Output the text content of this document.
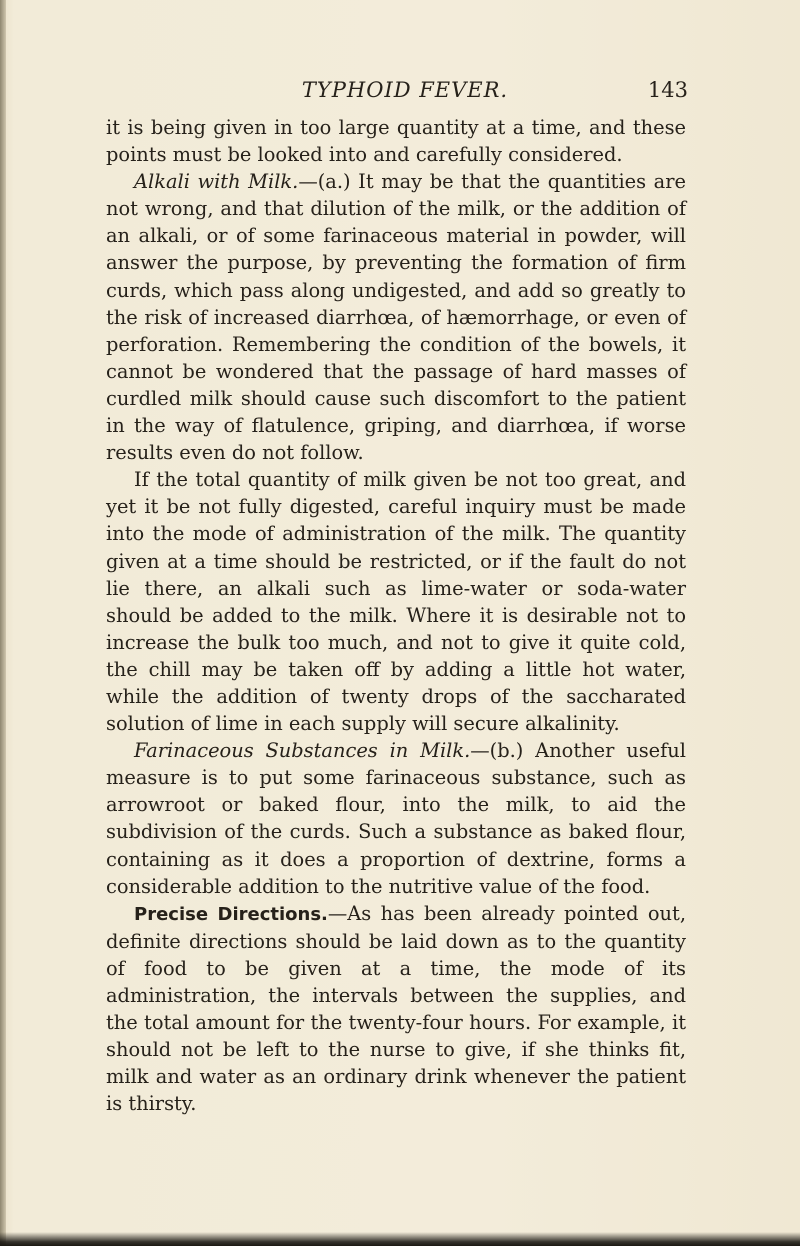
TYPHOID FEVER.	143

it is being given in too large quantity at a time, and these points must be looked into and carefully considered.

Alkali with Milk.—(a.) It may be that the quantities are not wrong, and that dilution of the milk, or the addition of an alkali, or of some farinaceous material in powder, will answer the purpose, by preventing the formation of firm curds, which pass along undigested, and add so greatly to the risk of increased diarrhœa, of hæmorrhage, or even of perforation. Remembering the condition of the bowels, it cannot be wondered that the passage of hard masses of curdled milk should cause such discomfort to the patient in the way of flatulence, griping, and diarrhœa, if worse results even do not follow.

If the total quantity of milk given be not too great, and yet it be not fully digested, careful inquiry must be made into the mode of administration of the milk. The quantity given at a time should be restricted, or if the fault do not lie there, an alkali such as lime-water or soda-water should be added to the milk. Where it is desirable not to increase the bulk too much, and not to give it quite cold, the chill may be taken off by adding a little hot water, while the addition of twenty drops of the saccharated solution of lime in each supply will secure alkalinity.

Farinaceous Substances in Milk.—(b.) Another useful measure is to put some farinaceous substance, such as arrowroot or baked flour, into the milk, to aid the subdivision of the curds. Such a substance as baked flour, containing as it does a proportion of dextrine, forms a considerable addition to the nutritive value of the food.

Precise Directions.—As has been already pointed out, definite directions should be laid down as to the quantity of food to be given at a time, the mode of its administration, the intervals between the supplies, and the total amount for the twenty-four hours. For example, it should not be left to the nurse to give, if she thinks fit, milk and water as an ordinary drink whenever the patient is thirsty.
